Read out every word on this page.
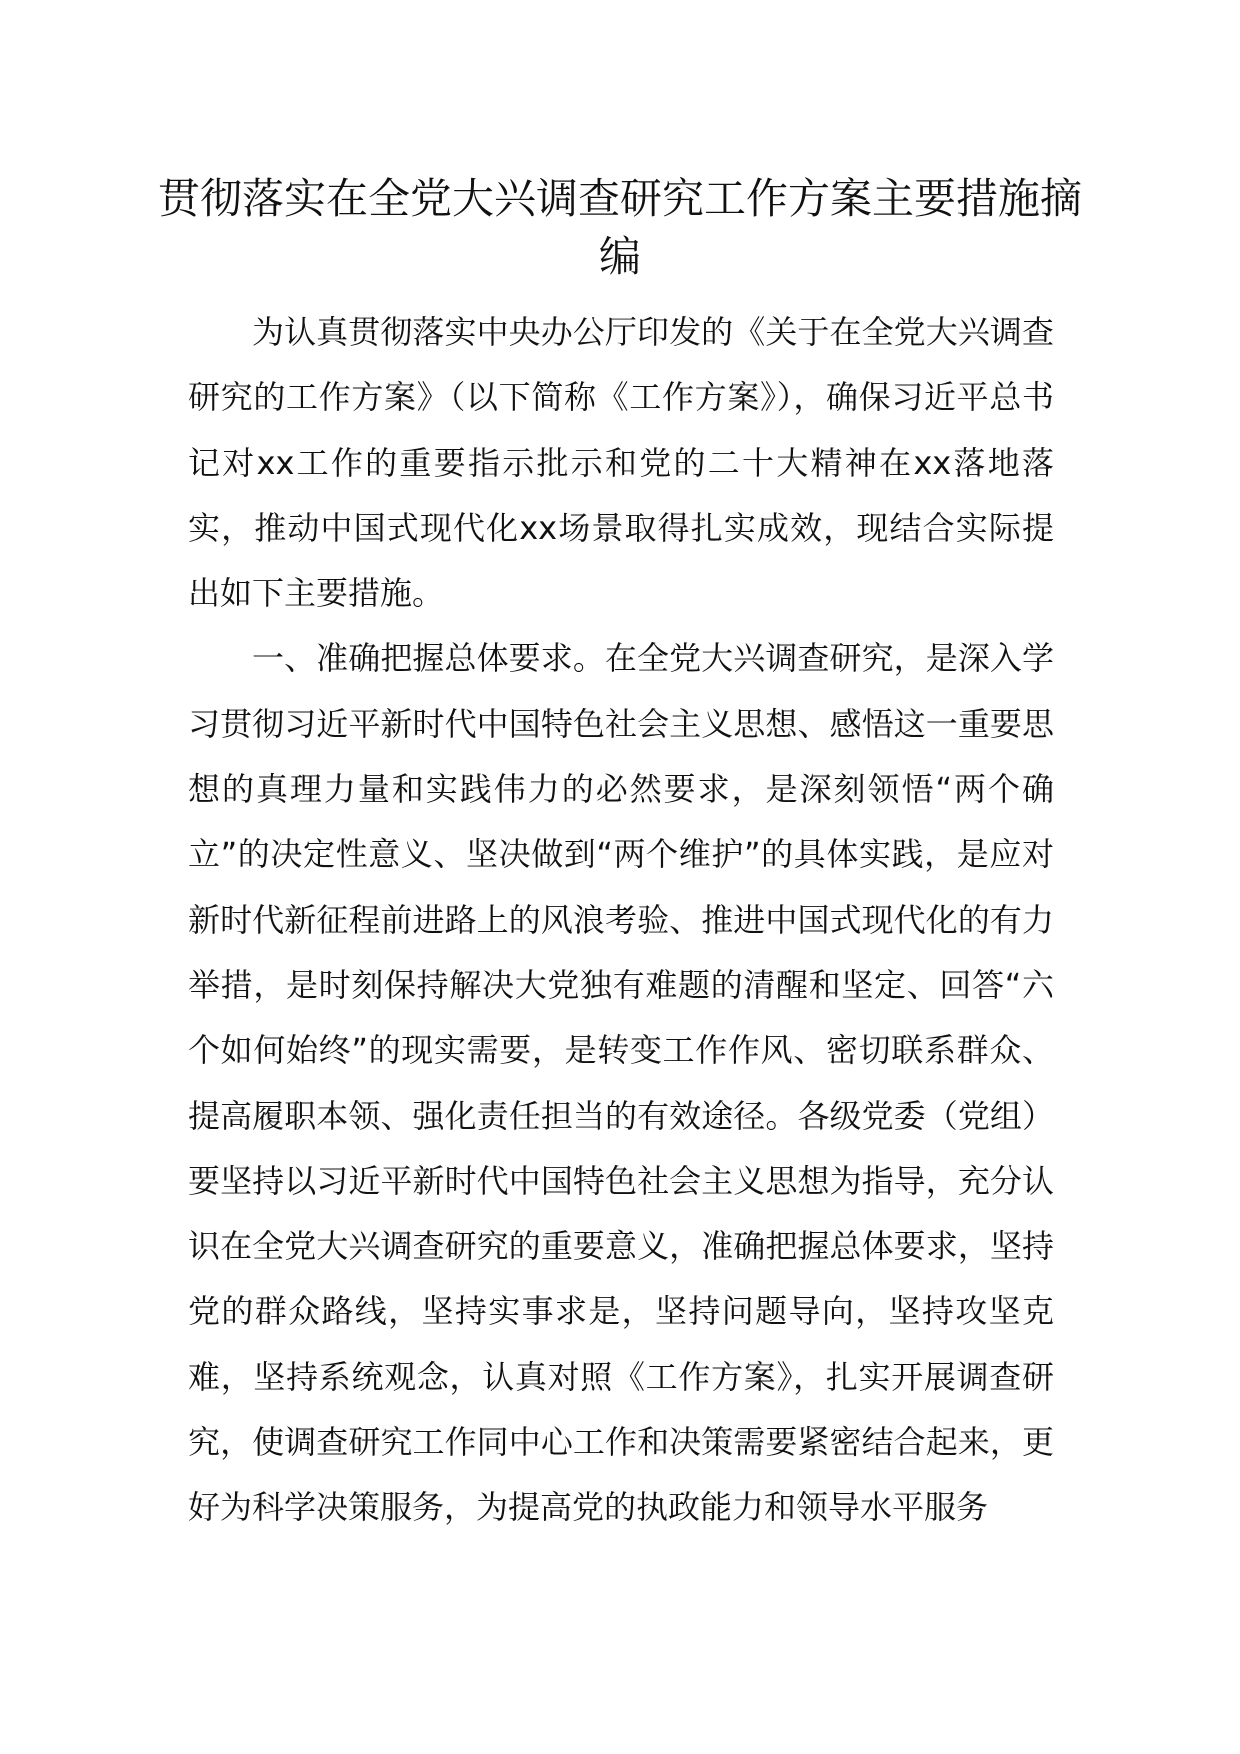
贯彻落实在全党大兴调查研究工作方案主要措施摘编

为认真贯彻落实中央办公厅印发的《关于在全党大兴调查研究的工作方案》（以下简称《工作方案》），确保习近平总书记对xx工作的重要指示批示和党的二十大精神在xx落地落实，推动中国式现代化xx场景取得扎实成效，现结合实际提出如下主要措施。

一、准确把握总体要求。在全党大兴调查研究，是深入学习贯彻习近平新时代中国特色社会主义思想、感悟这一重要思想的真理力量和实践伟力的必然要求，是深刻领悟“两个确立”的决定性意义、坚决做到“两个维护”的具体实践，是应对新时代新征程前进路上的风浪考验、推进中国式现代化的有力举措，是时刻保持解决大党独有难题的清醒和坚定、回答“六个如何始终”的现实需要，是转变工作作风、密切联系群众、提高履职本领、强化责任担当的有效途径。各级党委（党组）要坚持以习近平新时代中国特色社会主义思想为指导，充分认识在全党大兴调查研究的重要意义，准确把握总体要求，坚持党的群众路线，坚持实事求是，坚持问题导向，坚持攻坚克难，坚持系统观念，认真对照《工作方案》，扎实开展调查研究，使调查研究工作同中心工作和决策需要紧密结合起来，更好为科学决策服务，为提高党的执政能力和领导水平服务
